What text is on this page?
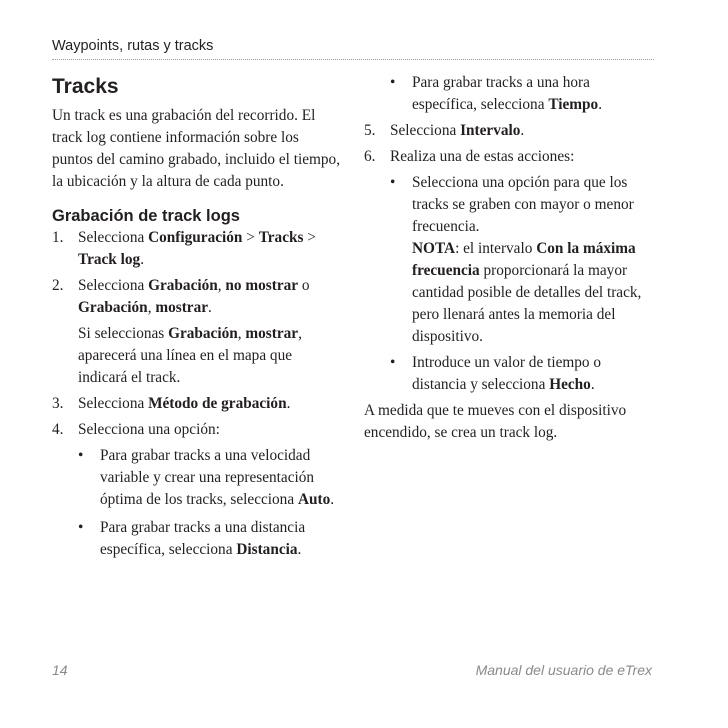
Waypoints, rutas y tracks
Tracks

Un track es una grabación del recorrido. El track log contiene información sobre los puntos del camino grabado, incluido el tiempo, la ubicación y la altura de cada punto.

Grabación de track logs
1. Selecciona Configuración > Tracks > Track log.
2. Selecciona Grabación, no mostrar o Grabación, mostrar.

Si seleccionas Grabación, mostrar, aparecerá una línea en el mapa que indicará el track.

3. Selecciona Método de grabación.
4. Selecciona una opción:
• Para grabar tracks a una velocidad variable y crear una representación óptima de los tracks, selecciona Auto.
• Para grabar tracks a una distancia específica, selecciona Distancia.
• Para grabar tracks a una hora específica, selecciona Tiempo.
5. Selecciona Intervalo.
6. Realiza una de estas acciones:
• Selecciona una opción para que los tracks se graben con mayor o menor frecuencia.

NOTA: el intervalo Con la máxima frecuencia proporcionará la mayor cantidad posible de detalles del track, pero llenará antes la memoria del dispositivo.

• Introduce un valor de tiempo o distancia y selecciona Hecho.

A medida que te mueves con el dispositivo encendido, se crea un track log.

14	Manual del usuario de eTrex
